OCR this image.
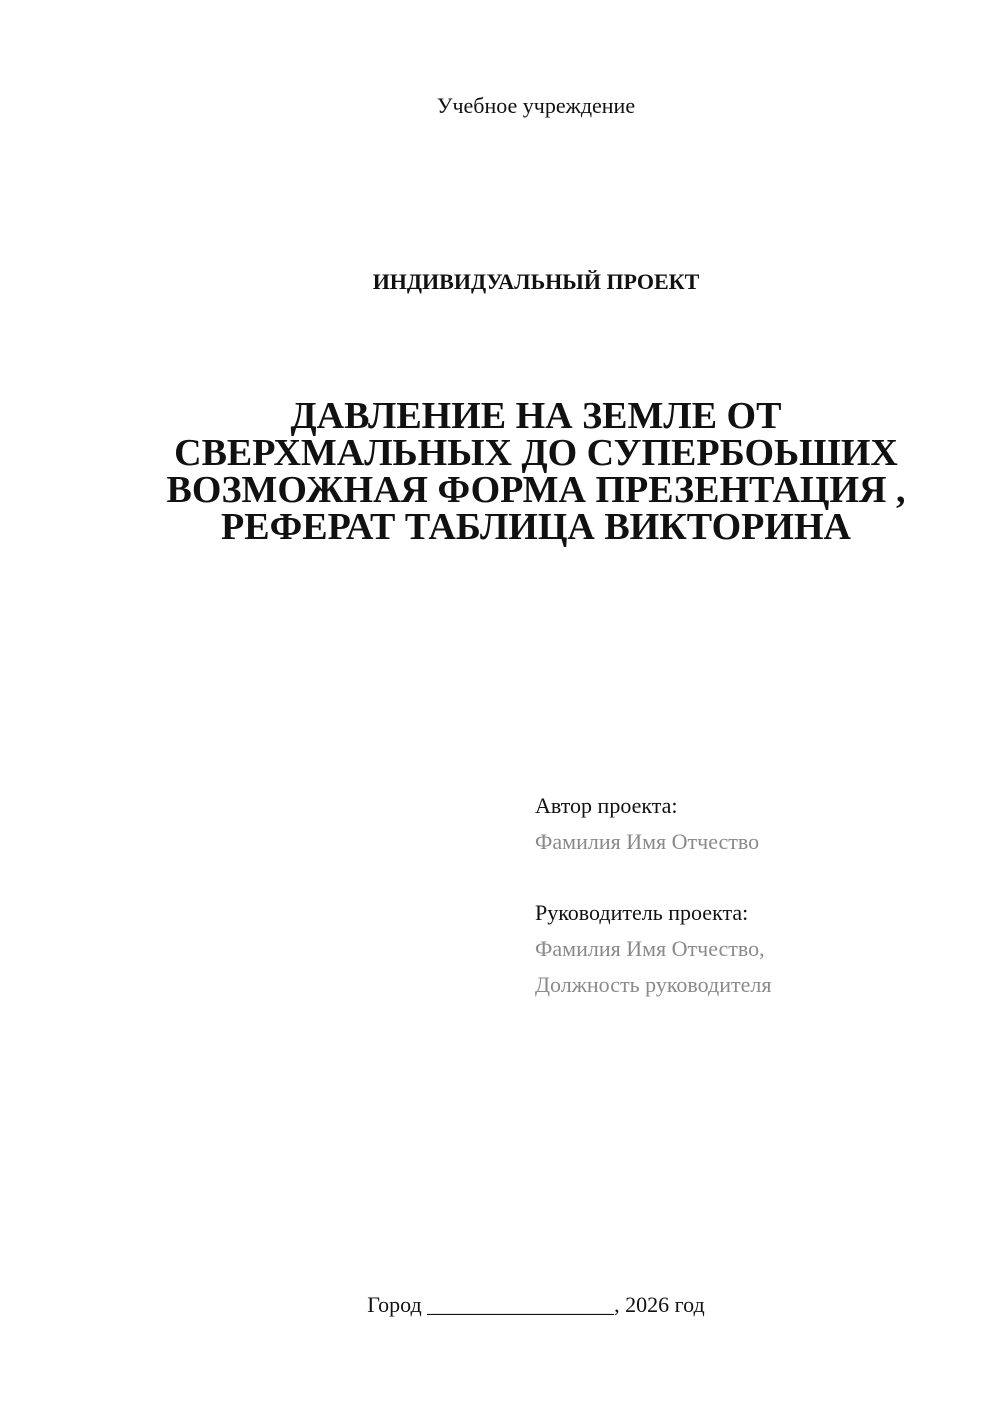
Учебное учреждение
ИНДИВИДУАЛЬНЫЙ ПРОЕКТ
ДАВЛЕНИЕ НА ЗЕМЛЕ ОТ
СВЕРХМАЛЬНЫХ ДО СУПЕРБОЬШИХ
ВОЗМОЖНАЯ ФОРМА ПРЕЗЕНТАЦИЯ ,
РЕФЕРАТ ТАБЛИЦА ВИКТОРИНА
Автор проекта:
Фамилия Имя Отчество
Руководитель проекта:
Фамилия Имя Отчество,
Должность руководителя
Город _________________, 2026 год
